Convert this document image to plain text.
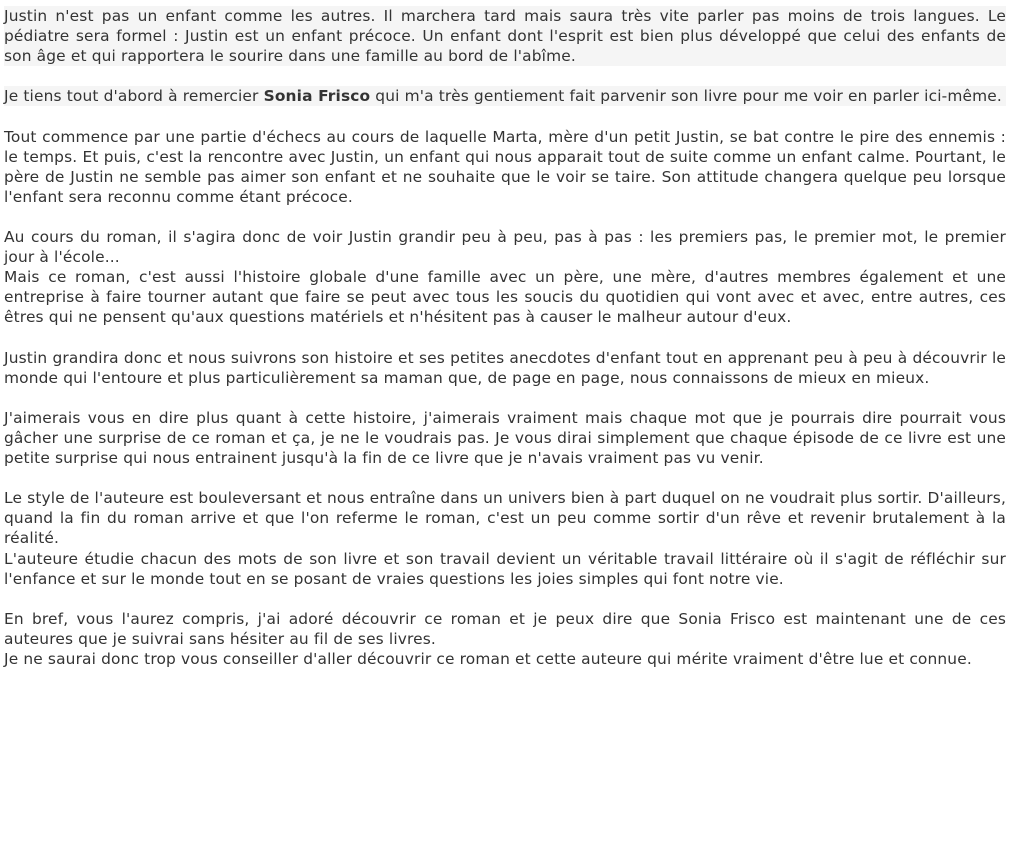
Justin n'est pas un enfant comme les autres. Il marchera tard mais saura très vite parler pas moins de trois langues. Le pédiatre sera formel : Justin est un enfant précoce. Un enfant dont l'esprit est bien plus développé que celui des enfants de son âge et qui rapportera le sourire dans une famille au bord de l'abîme.

Je tiens tout d'abord à remercier Sonia Frisco qui m'a très gentiement fait parvenir son livre pour me voir en parler ici-même.

Tout commence par une partie d'échecs au cours de laquelle Marta, mère d'un petit Justin, se bat contre le pire des ennemis : le temps. Et puis, c'est la rencontre avec Justin, un enfant qui nous apparait tout de suite comme un enfant calme. Pourtant, le père de Justin ne semble pas aimer son enfant et ne souhaite que le voir se taire. Son attitude changera quelque peu lorsque l'enfant sera reconnu comme étant précoce.

Au cours du roman, il s'agira donc de voir Justin grandir peu à peu, pas à pas : les premiers pas, le premier mot, le premier jour à l'école...

Mais ce roman, c'est aussi l'histoire globale d'une famille avec un père, une mère, d'autres membres également et une entreprise à faire tourner autant que faire se peut avec tous les soucis du quotidien qui vont avec et avec, entre autres, ces êtres qui ne pensent qu'aux questions matériels et n'hésitent pas à causer le malheur autour d'eux.

Justin grandira donc et nous suivrons son histoire et ses petites anecdotes d'enfant tout en apprenant peu à peu à découvrir le monde qui l'entoure et plus particulièrement sa maman que, de page en page, nous connaissons de mieux en mieux.

J'aimerais vous en dire plus quant à cette histoire, j'aimerais vraiment mais chaque mot que je pourrais dire pourrait vous gâcher une surprise de ce roman et ça, je ne le voudrais pas. Je vous dirai simplement que chaque épisode de ce livre est une petite surprise qui nous entrainent jusqu'à la fin de ce livre que je n'avais vraiment pas vu venir.

Le style de l'auteure est bouleversant et nous entraîne dans un univers bien à part duquel on ne voudrait plus sortir. D'ailleurs, quand la fin du roman arrive et que l'on referme le roman, c'est un peu comme sortir d'un rêve et revenir brutalement à la réalité.

L'auteure étudie chacun des mots de son livre et son travail devient un véritable travail littéraire où il s'agit de réfléchir sur l'enfance et sur le monde tout en se posant de vraies questions les joies simples qui font notre vie.

En bref, vous l'aurez compris, j'ai adoré découvrir ce roman et je peux dire que Sonia Frisco est maintenant une de ces auteures que je suivrai sans hésiter au fil de ses livres.

Je ne saurai donc trop vous conseiller d'aller découvrir ce roman et cette auteure qui mérite vraiment d'être lue et connue.
